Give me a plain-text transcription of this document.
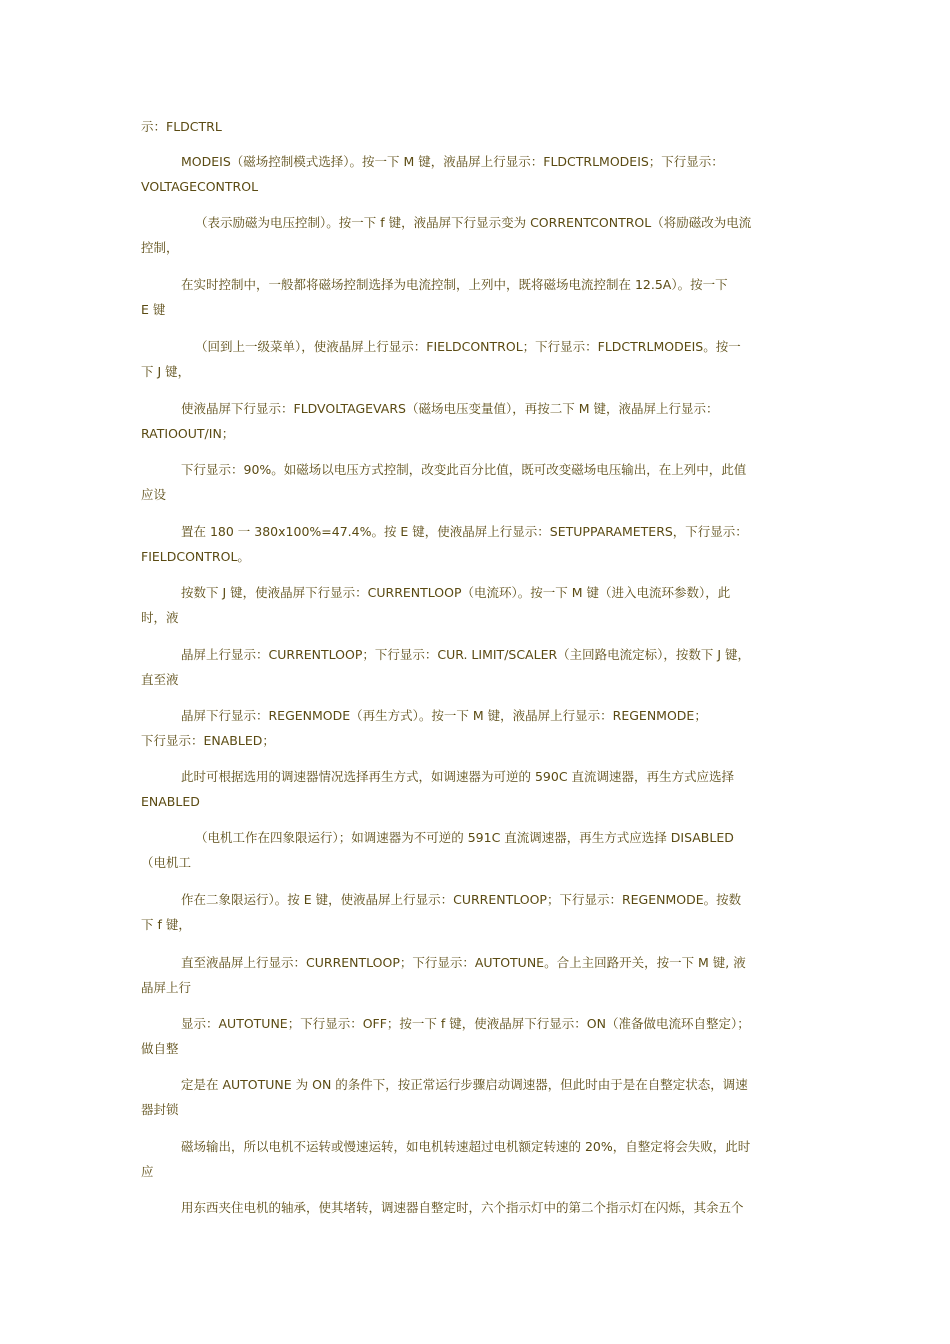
示：FLDCTRL
MODEIS（磁场控制模式选择）。按一下 M 键，液晶屏上行显示：FLDCTRLMODEIS；下行显示：
VOLTAGECONTROL
（表示励磁为电压控制）。按一下 f 键，液晶屏下行显示变为 CORRENTCONTROL（将励磁改为电流
控制，
在实时控制中，一般都将磁场控制选择为电流控制，上列中，既将磁场电流控制在 12.5A）。按一下
E 键
（回到上一级菜单），使液晶屏上行显示：FIELDCONTROL；下行显示：FLDCTRLMODEIS。按一
下 J 键，
使液晶屏下行显示：FLDVOLTAGEVARS（磁场电压变量值），再按二下 M 键，液晶屏上行显示：
RATIOOUT/IN；
下行显示：90%。如磁场以电压方式控制，改变此百分比值，既可改变磁场电压输出，在上列中，此值
应设
置在 180 一 380x100%=47.4%。按 E 键，使液晶屏上行显示：SETUPPARAMETERS，下行显示：
FIELDCONTROL。
按数下 J 键，使液晶屏下行显示：CURRENTLOOP（电流环）。按一下 M 键（进入电流环参数），此
时，液
晶屏上行显示：CURRENTLOOP；下行显示：CUR. LIMIT/SCALER（主回路电流定标），按数下 J 键，
直至液
晶屏下行显示：REGENMODE（再生方式）。按一下 M 键，液晶屏上行显示：REGENMODE；
下行显示：ENABLED；
此时可根据选用的调速器情况选择再生方式，如调速器为可逆的 590C 直流调速器，再生方式应选择
ENABLED
（电机工作在四象限运行）；如调速器为不可逆的 591C 直流调速器，再生方式应选择 DISABLED
（电机工
作在二象限运行）。按 E 键，使液晶屏上行显示：CURRENTLOOP；下行显示：REGENMODE。按数
下 f 键，
直至液晶屏上行显示：CURRENTLOOP；下行显示：AUTOTUNE。合上主回路开关，按一下 M 键, 液
晶屏上行
显示：AUTOTUNE；下行显示：OFF；按一下 f 键，使液晶屏下行显示：ON（准备做电流环自整定）；
做自整
定是在 AUTOTUNE 为 ON 的条件下，按正常运行步骤启动调速器，但此时由于是在自整定状态，调速
器封锁
磁场输出，所以电机不运转或慢速运转，如电机转速超过电机额定转速的 20%，自整定将会失败，此时
应
用东西夹住电机的轴承，使其堵转，调速器自整定时，六个指示灯中的第二个指示灯在闪烁，其余五个
